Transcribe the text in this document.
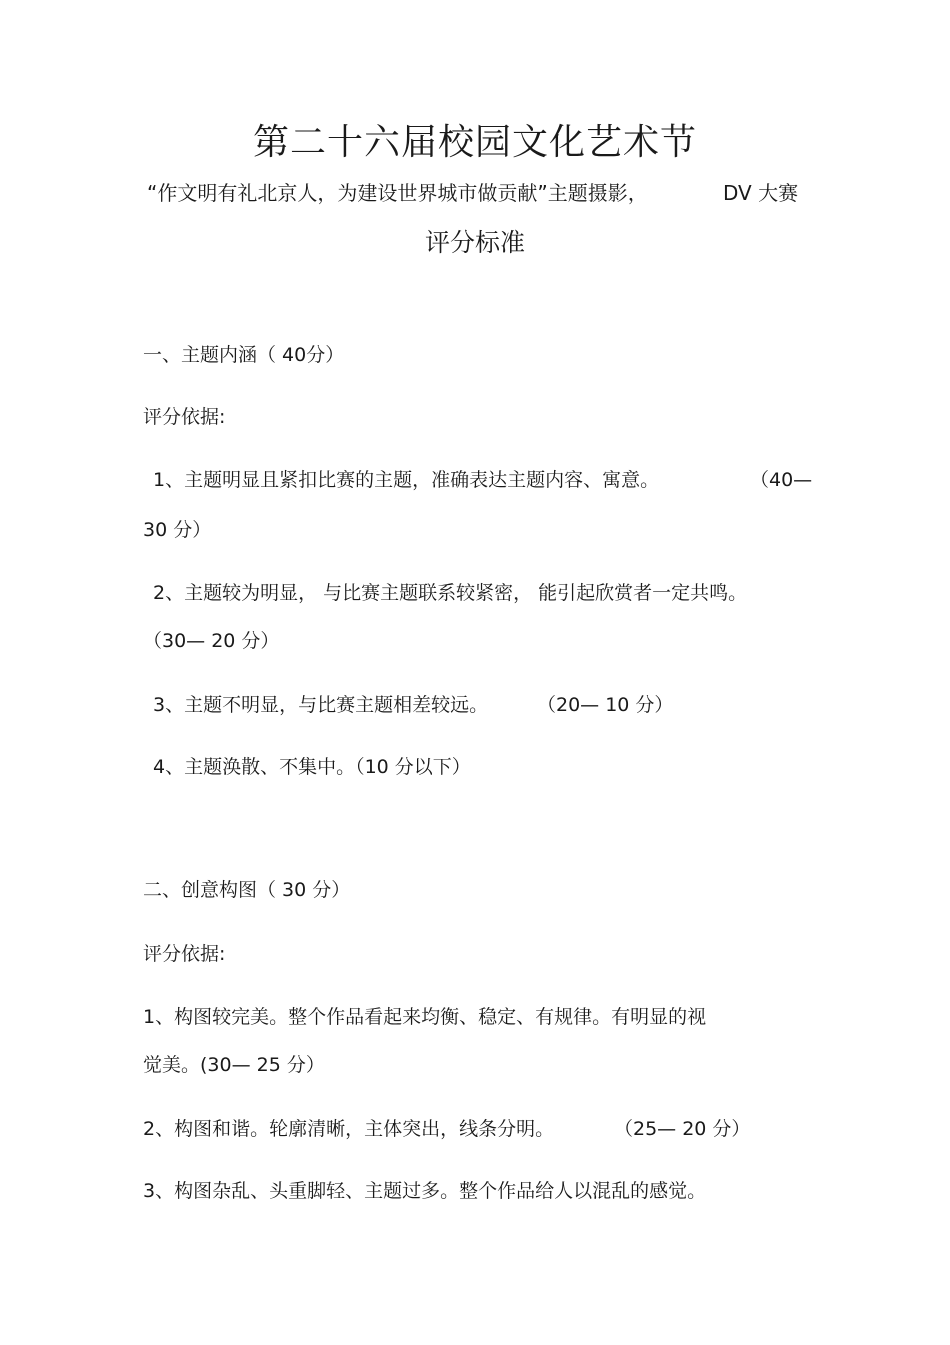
第二十六届校园文化艺术节
“作文明有礼北京人，为建设世界城市做贡献”主题摄影，	DV 大赛
评分标准
一、主题内涵（ 40分）
评分依据:
1、主题明显且紧扣比赛的主题，准确表达主题内容、寓意。	（40—
30 分）
2、主题较为明显， 与比赛主题联系较紧密， 能引起欣赏者一定共鸣。
（30— 20 分）
3、主题不明显，与比赛主题相差较远。	（20— 10 分）
4、主题涣散、不集中。（10 分以下）
二、创意构图（ 30 分）
评分依据:
1、构图较完美。整个作品看起来均衡、稳定、有规律。有明显的视
觉美。(30— 25 分）
2、构图和谐。轮廓清晰，主体突出，线条分明。	（25— 20 分）
3、构图杂乱、头重脚轻、主题过多。整个作品给人以混乱的感觉。
